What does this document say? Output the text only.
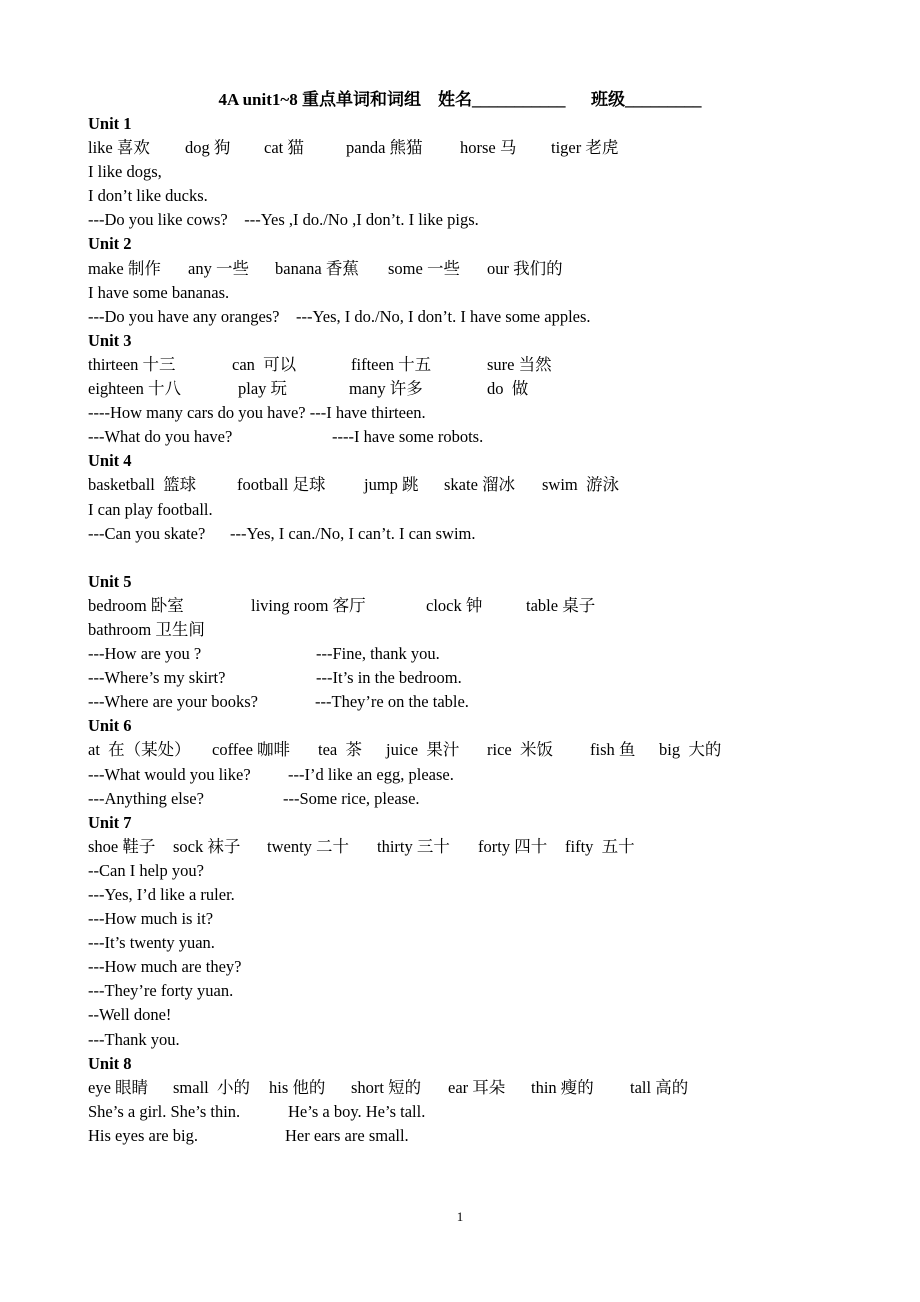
4A unit1~8 重点单词和词组    姓名___________      班级_________
Unit 1
like 喜欢 dog 狗 cat 猫	panda 熊猫 horse 马 tiger 老虎
I like dogs,
I don’t like ducks.
---Do you like cows?    ---Yes ,I do./No ,I don’t. I like pigs.
Unit 2
make 制作 any 一些 banana 香蕉 some 一些 our 我们的
I have some bananas.
---Do you have any oranges?    ---Yes, I do./No, I don’t. I have some apples.
Unit 3
thirteen 十三	can  可以	fifteen 十五	sure 当然
eighteen 十八	play 玩	many 许多	do  做
----How many cars do you have? ---I have thirteen.
---What do you have?	----I have some robots.
Unit 4
basketball  篮球 football 足球 jump 跳 skate 溜冰 swim  游泳
I can play football.
---Can you skate?      ---Yes, I can./No, I can’t. I can swim.
Unit 5
bedroom 卧室	living room 客厅	clock 钟	table 桌子
bathroom 卫生间
---How are you ?	---Fine, thank you.
---Where’s my skirt?	---It’s in the bedroom.
---Where are your books?	---They’re on the table.
Unit 6
at  在（某处） coffee 咖啡 tea  茶 juice  果汁 rice  米饭 fish 鱼 big  大的
---What would you like? ---I’d like an egg, please.
---Anything else?	---Some rice, please.
Unit 7
shoe 鞋子 sock 袜子 twenty 二十 thirty 三十 forty 四十 fifty  五十
--Can I help you?
---Yes, I’d like a ruler.
---How much is it?
---It’s twenty yuan.
---How much are they?
---They’re forty yuan.
--Well done!
---Thank you.
Unit 8
eye 眼睛 small  小的 his 他的 short 短的 ear 耳朵 thin 瘦的 tall 高的
She’s a girl. She’s thin.	He’s a boy. He’s tall.
His eyes are big.	Her ears are small.
1
